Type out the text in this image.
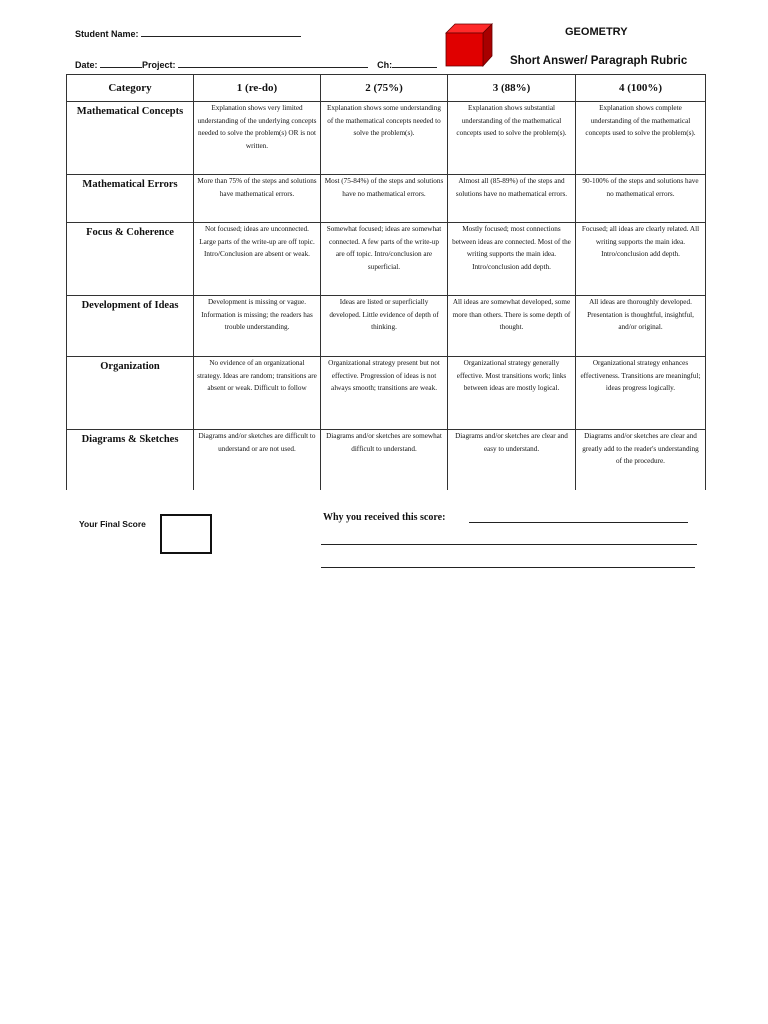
Student Name:
Date:	Project:	Ch:
GEOMETRY
Short Answer/ Paragraph Rubric
Category	1 (re-do)	2 (75%)	3 (88%)	4 (100%)
Mathematical Concepts	Explanation shows very limited understanding of the underlying concepts needed to solve the problem(s) OR is not written.	Explanation shows some understanding of the mathematical concepts needed to solve the problem(s).	Explanation shows substantial understanding of the mathematical concepts used to solve the problem(s).	Explanation shows complete understanding of the mathematical concepts used to solve the problem(s).
Mathematical Errors	More than 75% of the steps and solutions have mathematical errors.	Most (75-84%) of the steps and solutions have no mathematical errors.	Almost all (85-89%) of the steps and solutions have no mathematical errors.	90-100% of the steps and solutions have no mathematical errors.
Focus & Coherence	Not focused; ideas are unconnected. Large parts of the write-up are off topic. Intro/Conclusion are absent or weak.	Somewhat focused; ideas are somewhat connected. A few parts of the write-up are off topic. Intro/conclusion are superficial.	Mostly focused; most connections between ideas are connected. Most of the writing supports the main idea. Intro/conclusion add depth.	Focused; all ideas are clearly related. All writing supports the main idea. Intro/conclusion add depth.
Development of Ideas	Development is missing or vague. Information is missing; the readers has trouble understanding.	Ideas are listed or superficially developed. Little evidence of depth of thinking.	All ideas are somewhat developed, some more than others. There is some depth of thought.	All ideas are thoroughly developed. Presentation is thoughtful, insightful, and/or original.
Organization	No evidence of an organizational strategy. Ideas are random; transitions are absent or weak. Difficult to follow	Organizational strategy present but not effective. Progression of ideas is not always smooth; transitions are weak.	Organizational strategy generally effective. Most transitions work; links between ideas are mostly logical.	Organizational strategy enhances effectiveness. Transitions are meaningful; ideas progress logically.
Diagrams & Sketches	Diagrams and/or sketches are difficult to understand or are not used.	Diagrams and/or sketches are somewhat difficult to understand.	Diagrams and/or sketches are clear and easy to understand.	Diagrams and/or sketches are clear and greatly add to the reader's understanding of the procedure.
Your Final Score
Why you received this score:
